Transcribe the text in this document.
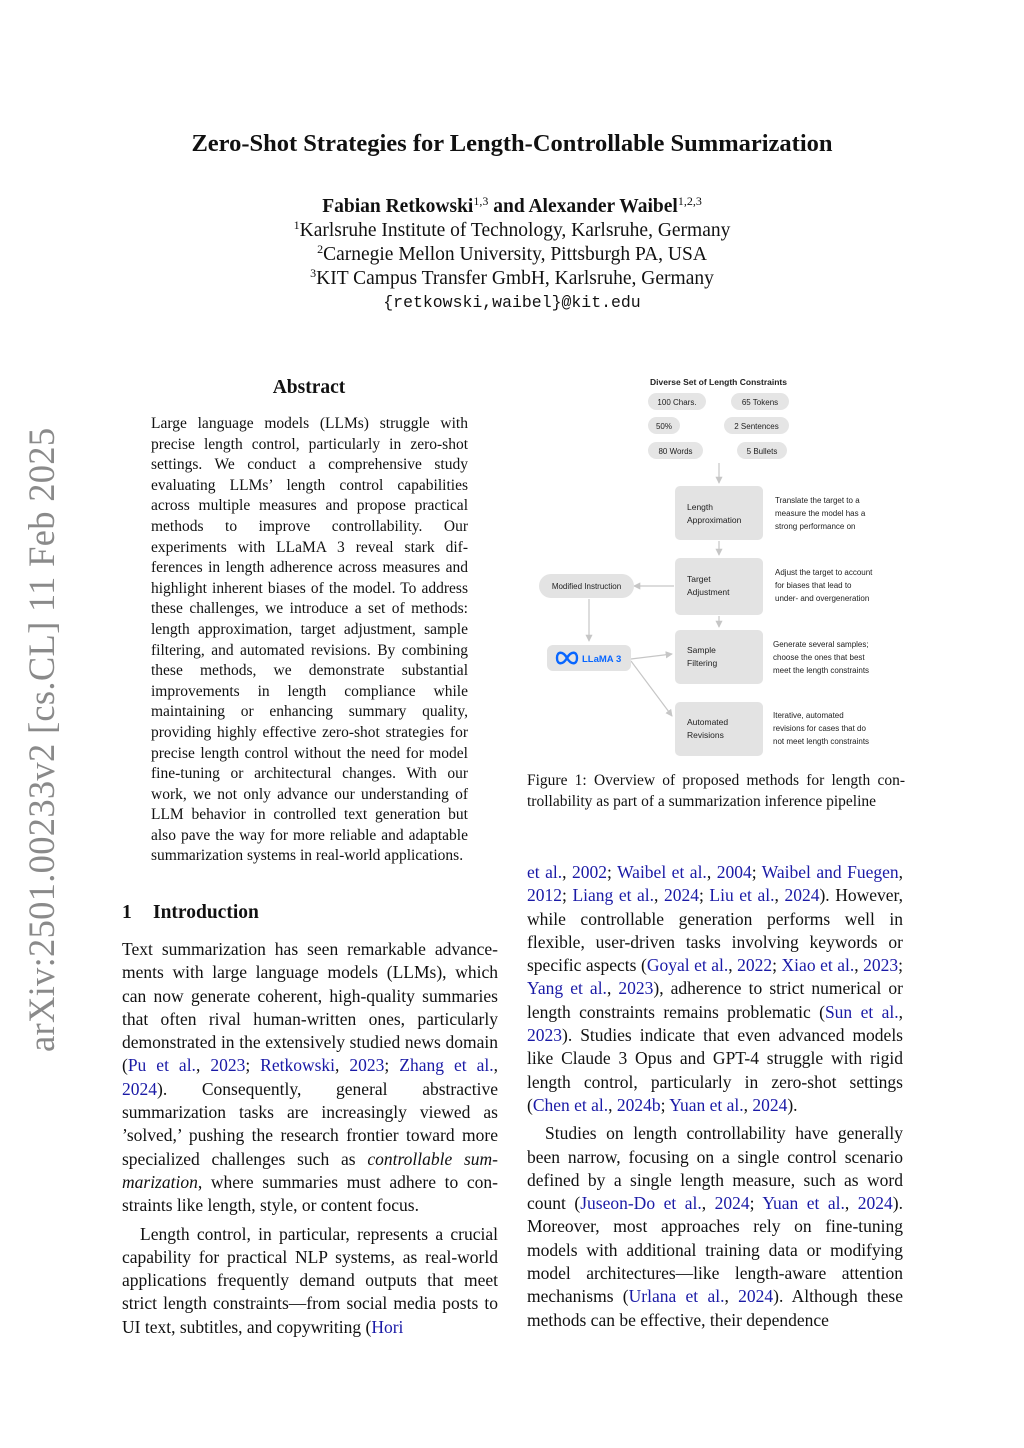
Zero-Shot Strategies for Length-Controllable Summarization
Fabian Retkowski$^{1,3}$ and Alexander Waibel$^{1,2,3}$
$^1$Karlsruhe Institute of Technology, Karlsruhe, Germany
$^2$Carnegie Mellon University, Pittsburgh PA, USA
$^3$KIT Campus Transfer GmbH, Karlsruhe, Germany
{retkowski,waibel}@kit.edu
arXiv:2501.00233v2 [cs.CL] 11 Feb 2025
Abstract
Large language models (LLMs) struggle with precise length control, particularly in zero-shot settings. We conduct a comprehensive study evaluating LLMs’ length control capabilities across multiple measures and propose practical methods to improve controllability. Our experiments with LLaMA 3 reveal stark differences in length adherence across measures and highlight inherent biases of the model. To address these challenges, we introduce a set of methods: length approximation, target adjustment, sample filtering, and automated revisions. By combining these methods, we demonstrate substantial improvements in length compliance while maintaining or enhancing summary quality, providing highly effective zero-shot strategies for precise length control without the need for model fine-tuning or architectural changes. With our work, we not only advance our understanding of LLM behavior in controlled text generation but also pave the way for more reliable and adaptable summarization systems in real-world applications.
1 Introduction

Text summarization has seen remarkable advancements with large language models (LLMs), which can now generate coherent, high-quality summaries that often rival human-written ones, particularly demonstrated in the extensively studied news domain (Pu et al., 2023; Retkowski, 2023; Zhang et al., 2024). Consequently, general abstractive summarization tasks are increasingly viewed as ’solved,’ pushing the research frontier toward more specialized challenges such as controllable summarization, where summaries must adhere to constraints like length, style, or content focus.

Length control, in particular, represents a crucial capability for practical NLP systems, as real-world applications frequently demand outputs that meet strict length constraints—from social media posts to UI text, subtitles, and copywriting (Hori

et al., 2002; Waibel et al., 2004; Waibel and Fuegen, 2012; Liang et al., 2024; Liu et al., 2024). However, while controllable generation performs well in flexible, user-driven tasks involving keywords or specific aspects (Goyal et al., 2022; Xiao et al., 2023; Yang et al., 2023), adherence to strict numerical or length constraints remains problematic (Sun et al., 2023). Studies indicate that even advanced models like Claude 3 Opus and GPT-4 struggle with rigid length control, particularly in zero-shot settings (Chen et al., 2024b; Yuan et al., 2024).

Studies on length controllability have generally been narrow, focusing on a single control scenario defined by a single length measure, such as word count (Juseon-Do et al., 2024; Yuan et al., 2024). Moreover, most approaches rely on fine-tuning models with additional training data or modifying model architectures—like length-aware attention mechanisms (Urlana et al., 2024). Although these methods can be effective, their dependence

Diverse Set of Length Constraints
100 Chars.	65 Tokens
50%	2 Sentences
80 Words	5 Bullets
Length
Approximation
Translate the target to a
measure the model has a
strong performance on
Target
Adjustment
Adjust the target to account
for biases that lead to
under- and overgeneration
Sample
Filtering
Generate several samples;
choose the ones that best
meet the length constraints
Automated
Revisions
Iterative, automated
revisions for cases that do
not meet length constraints
Modified Instruction
LLaMA 3
Figure 1: Overview of proposed methods for length controllability as part of a summarization inference pipeline
